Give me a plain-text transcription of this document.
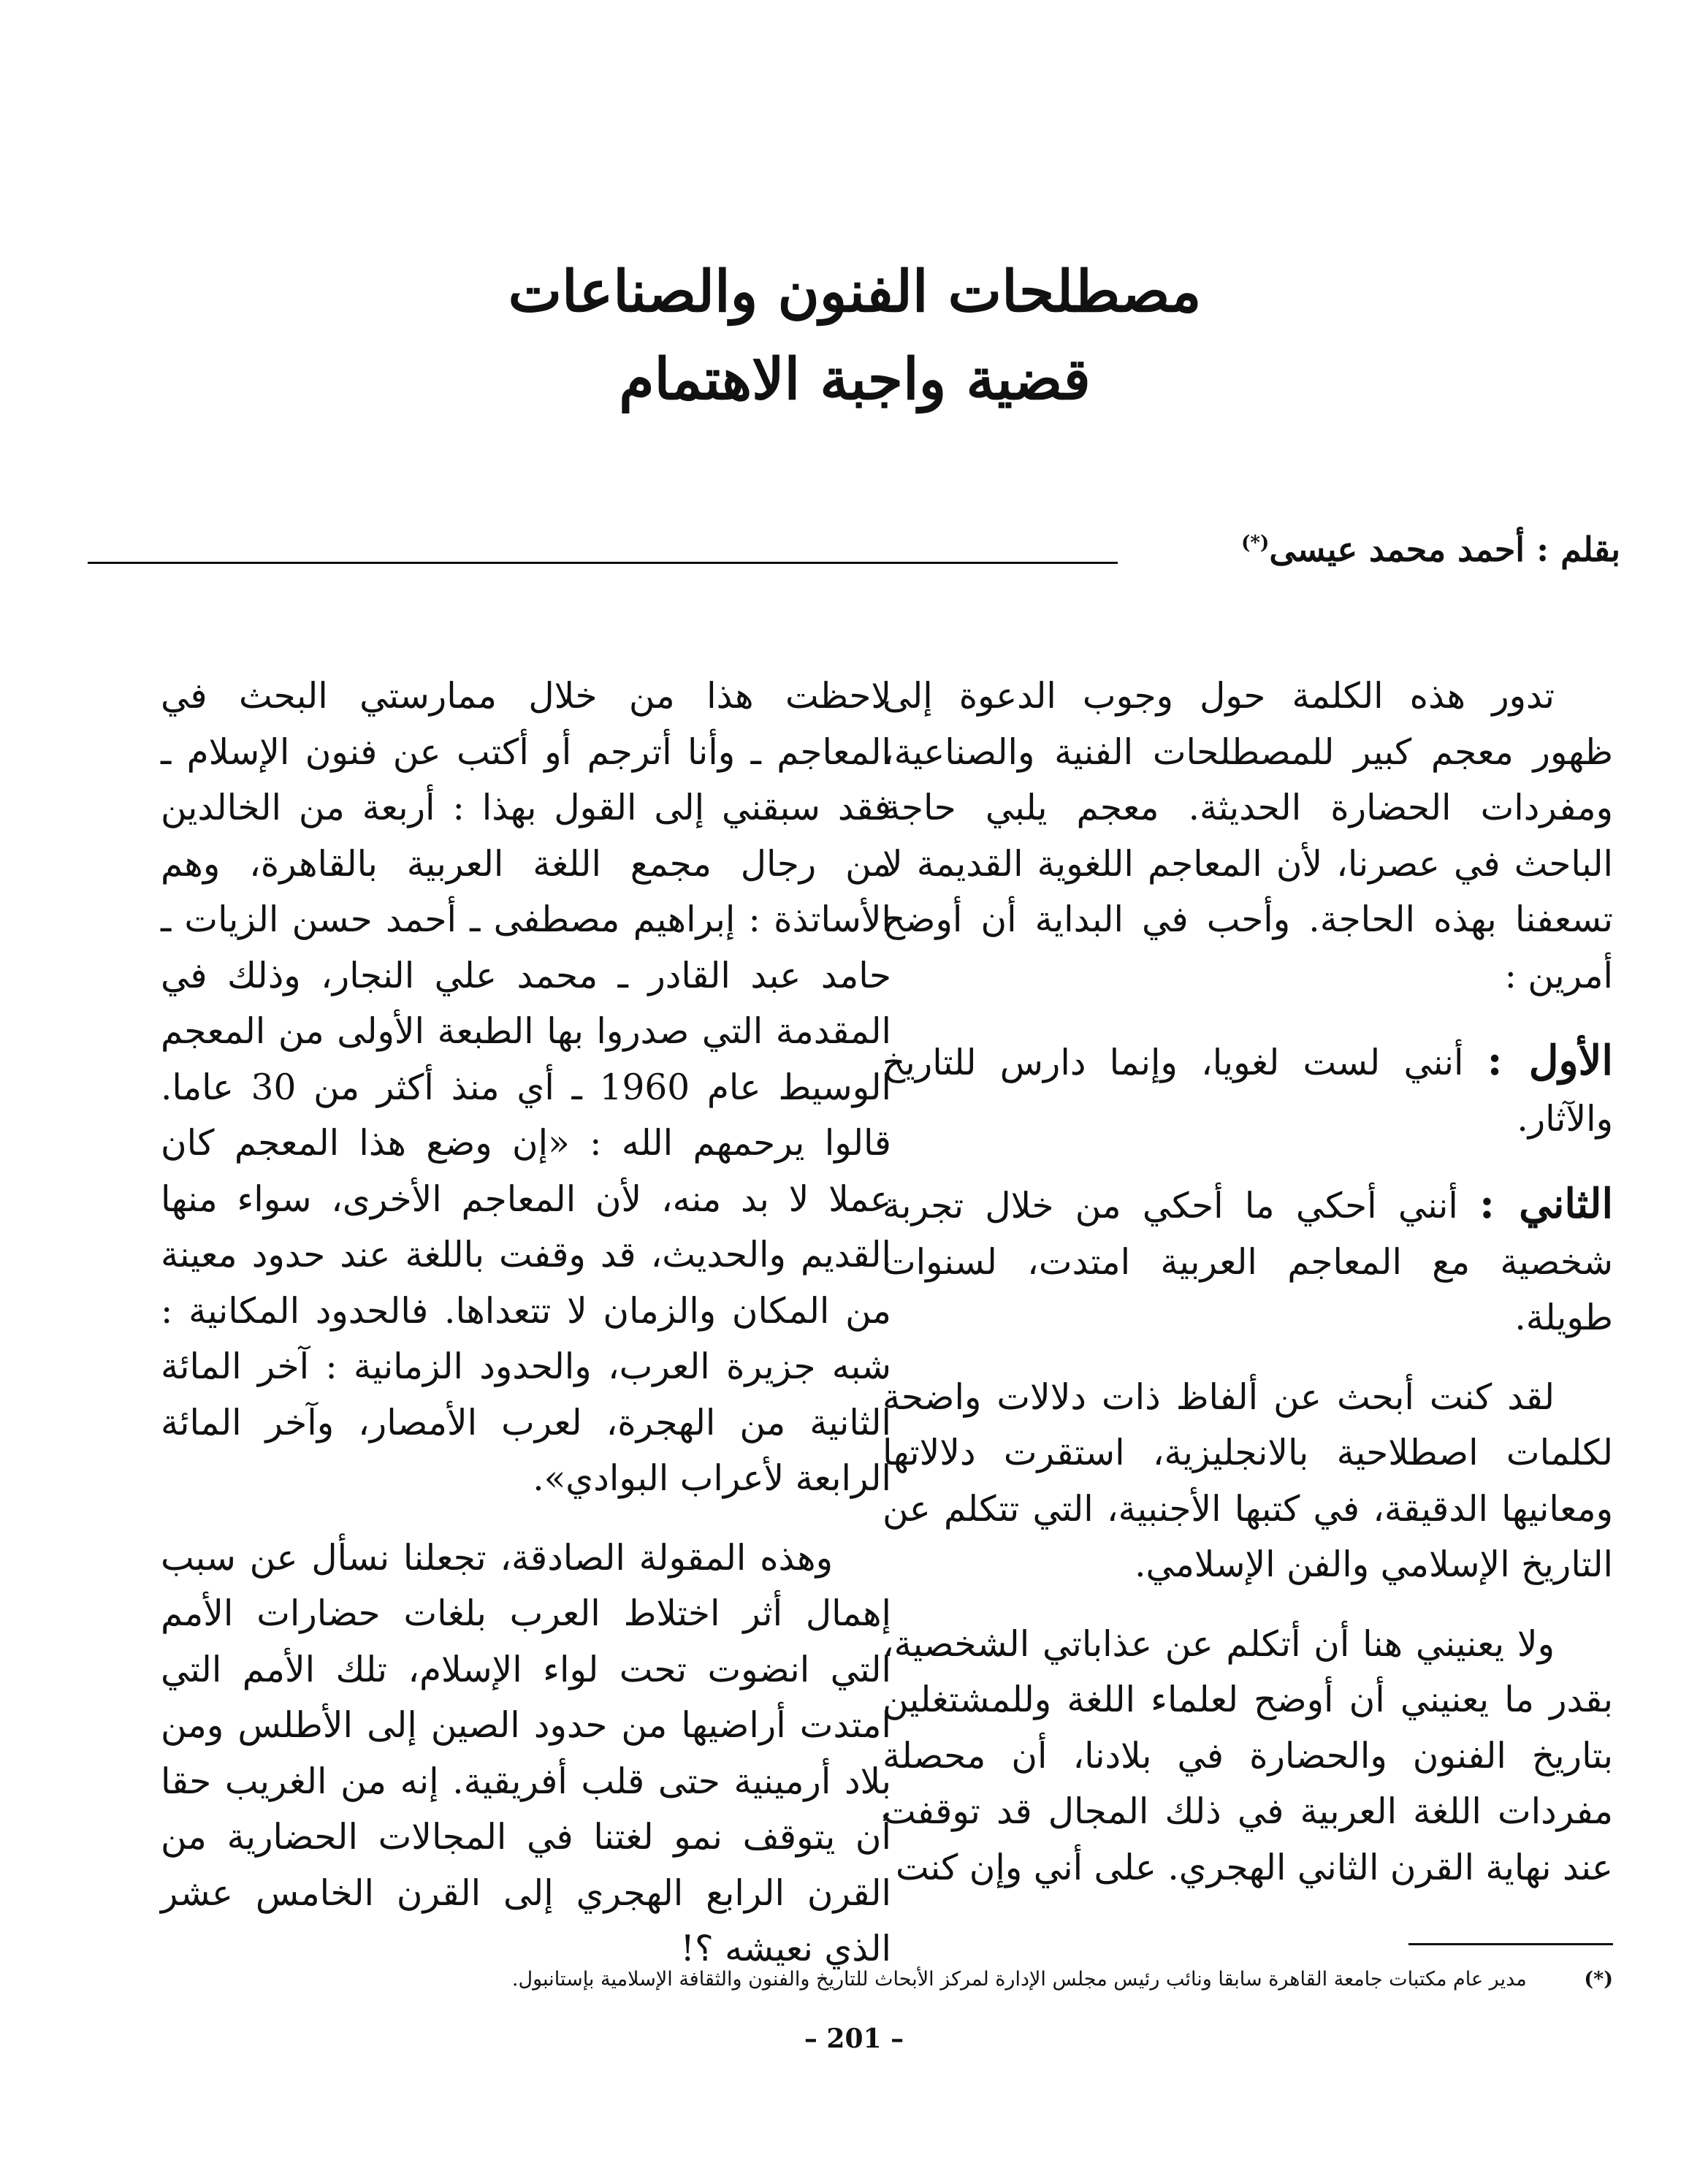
مصطلحات الفنون والصناعات
قضية واجبة الاهتمام
بقلم : أحمد محمد عيسى(*)

تدور هذه الكلمة حول وجوب الدعوة إلى ظهور معجم كبير للمصطلحات الفنية والصناعية، ومفردات الحضارة الحديثة. معجم يلبي حاجة الباحث في عصرنا، لأن المعاجم اللغوية القديمة لا تسعفنا بهذه الحاجة. وأحب في البداية أن أوضح أمرين :

الأول : أنني لست لغويا، وإنما دارس للتاريخ والآثار.
الثاني : أنني أحكي ما أحكي من خلال تجربة شخصية مع المعاجم العربية امتدت، لسنوات طويلة.

لقد كنت أبحث عن ألفاظ ذات دلالات واضحة لكلمات اصطلاحية بالانجليزية، استقرت دلالاتها ومعانيها الدقيقة، في كتبها الأجنبية، التي تتكلم عن التاريخ الإسلامي والفن الإسلامي.

ولا يعنيني هنا أن أتكلم عن عذاباتي الشخصية، بقدر ما يعنيني أن أوضح لعلماء اللغة وللمشتغلين بتاريخ الفنون والحضارة في بلادنا، أن محصلة مفردات اللغة العربية في ذلك المجال قد توقفت عند نهاية القرن الثاني الهجري. على أني وإن كنت

لاحظت هذا من خلال ممارستي البحث في المعاجم ـ وأنا أترجم أو أكتب عن فنون الإسلام ـ فقد سبقني إلى القول بهذا : أربعة من الخالدين من رجال مجمع اللغة العربية بالقاهرة، وهم الأساتذة : إبراهيم مصطفى ـ أحمد حسن الزيات ـ حامد عبد القادر ـ محمد علي النجار، وذلك في المقدمة التي صدروا بها الطبعة الأولى من المعجم الوسيط عام 1960 ـ أي منذ أكثر من 30 عاما. قالوا يرحمهم الله : «إن وضع هذا المعجم كان عملا لا بد منه، لأن المعاجم الأخرى، سواء منها القديم والحديث، قد وقفت باللغة عند حدود معينة من المكان والزمان لا تتعداها. فالحدود المكانية : شبه جزيرة العرب، والحدود الزمانية : آخر المائة الثانية من الهجرة، لعرب الأمصار، وآخر المائة الرابعة لأعراب البوادي».

وهذه المقولة الصادقة، تجعلنا نسأل عن سبب إهمال أثر اختلاط العرب بلغات حضارات الأمم التي انضوت تحت لواء الإسلام، تلك الأمم التي امتدت أراضيها من حدود الصين إلى الأطلس ومن بلاد أرمينية حتى قلب أفريقية. إنه من الغريب حقا أن يتوقف نمو لغتنا في المجالات الحضارية من القرن الرابع الهجري إلى القرن الخامس عشر الذي نعيشه ؟!

(*) مدير عام مكتبات جامعة القاهرة سابقا ونائب رئيس مجلس الإدارة لمركز الأبحاث للتاريخ والفنون والثقافة الإسلامية بإستانبول.
– 201 –
